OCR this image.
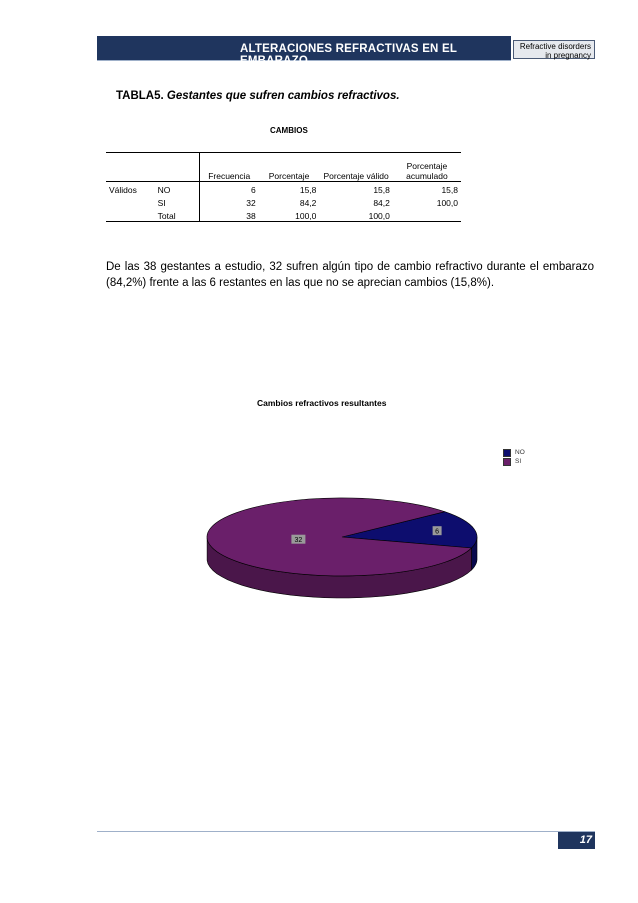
ALTERACIONES REFRACTIVAS EN EL EMBARAZO
Refractive disorders
in pregnancy
TABLA5. Gestantes que sufren cambios refractivos.
CAMBIOS
		Frecuencia	Porcentaje	Porcentaje válido	Porcentaje acumulado
Válidos	NO	6	15,8	15,8	15,8
	SI	32	84,2	84,2	100,0
	Total	38	100,0	100,0	
De las 38 gestantes a estudio, 32 sufren algún tipo de cambio refractivo durante el embarazo (84,2%) frente a las 6 restantes en las que no se aprecian cambios (15,8%).
Cambios refractivos resultantes
6
32
NO
SI
17
